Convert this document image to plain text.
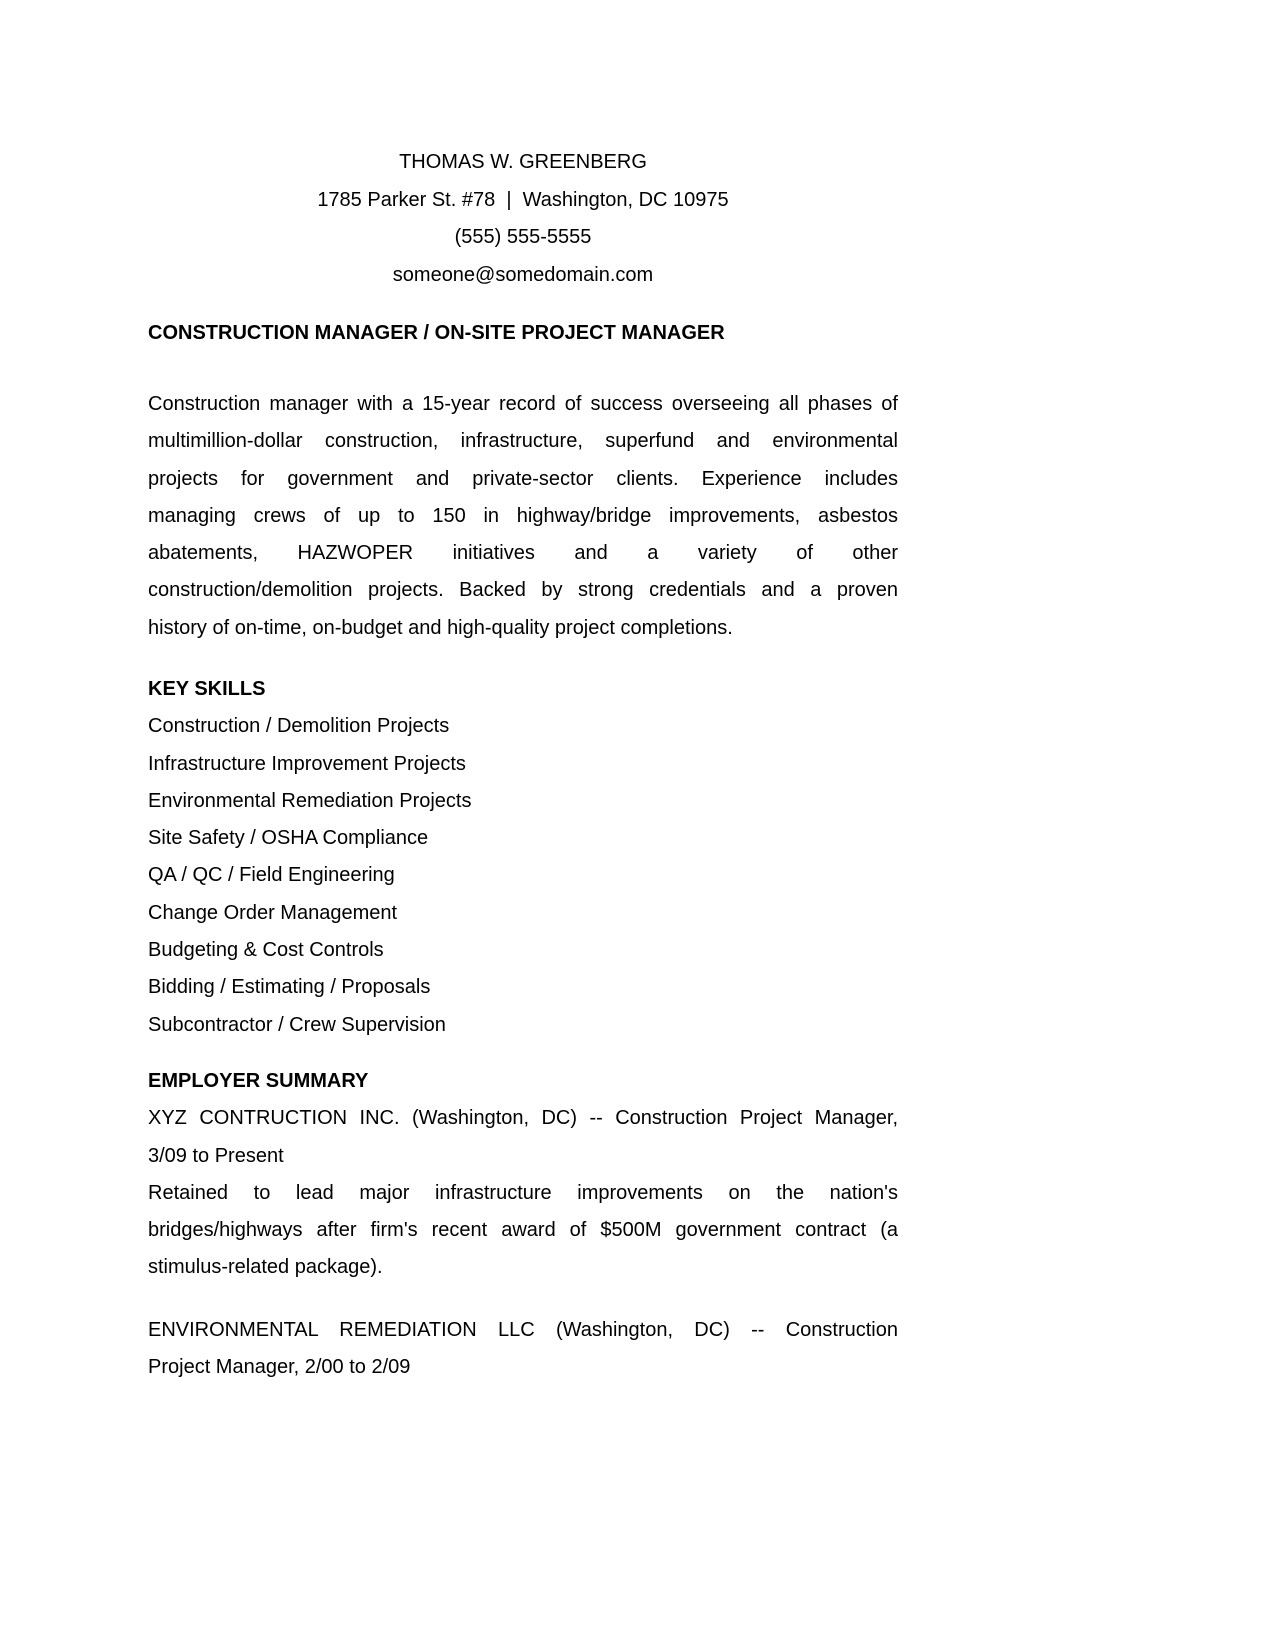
THOMAS W. GREENBERG
1785 Parker St. #78  |  Washington, DC 10975
(555) 555-5555
someone@somedomain.com
CONSTRUCTION MANAGER / ON-SITE PROJECT MANAGER
Construction manager with a 15-year record of success overseeing all phases of
multimillion-dollar construction, infrastructure, superfund and environmental
projects for government and private-sector clients. Experience includes
managing crews of up to 150 in highway/bridge improvements, asbestos
abatements, HAZWOPER initiatives and a variety of other
construction/demolition projects. Backed by strong credentials and a proven
history of on-time, on-budget and high-quality project completions.
KEY SKILLS
Construction / Demolition Projects
Infrastructure Improvement Projects
Environmental Remediation Projects
Site Safety / OSHA Compliance
QA / QC / Field Engineering
Change Order Management
Budgeting & Cost Controls
Bidding / Estimating / Proposals
Subcontractor / Crew Supervision
EMPLOYER SUMMARY
XYZ CONTRUCTION INC. (Washington, DC) -- Construction Project Manager,
3/09 to Present
Retained to lead major infrastructure improvements on the nation's
bridges/highways after firm's recent award of $500M government contract (a
stimulus-related package).
ENVIRONMENTAL REMEDIATION LLC (Washington, DC) -- Construction
Project Manager, 2/00 to 2/09
